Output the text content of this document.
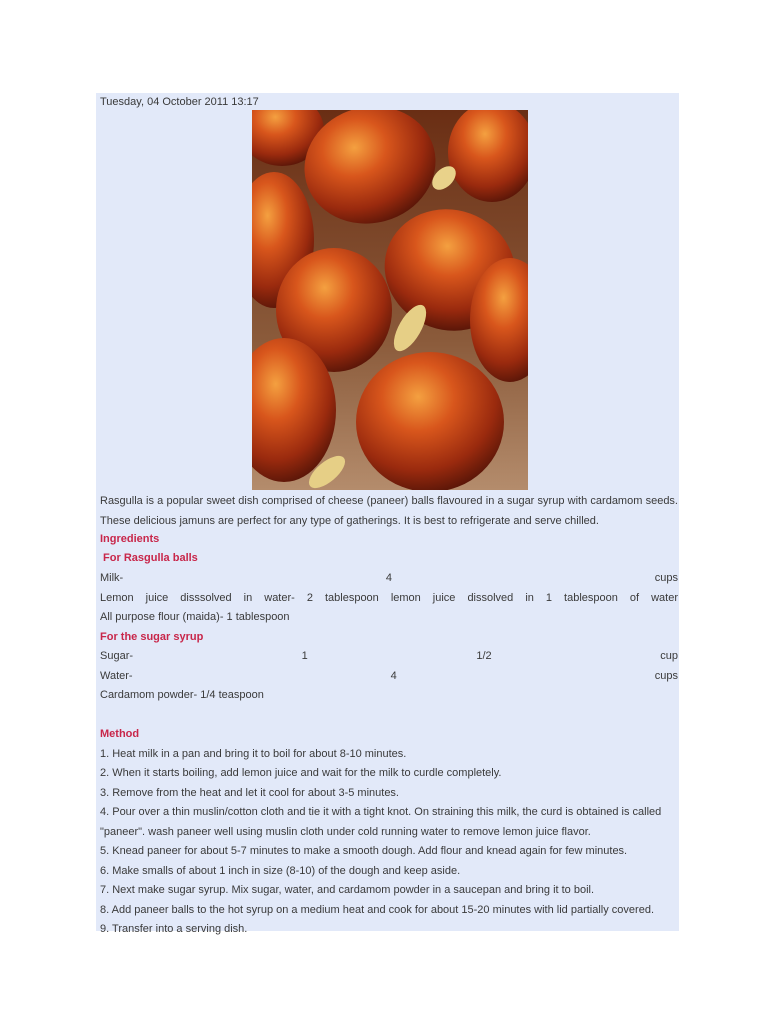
Tuesday, 04 October 2011 13:17

Rasgulla is a popular sweet dish comprised of cheese (paneer) balls flavoured in a sugar syrup with cardamom seeds. These delicious jamuns are perfect for any type of gatherings. It is best to refrigerate and serve chilled.

Ingredients

For Rasgulla balls

Milk-	4	cups
Lemon juice disssolved in water- 2 tablespoon lemon juice dissolved in 1 tablespoon of water

All purpose flour (maida)- 1 tablespoon

For the sugar syrup

Sugar-	1	1/2	cup
Water-	4	cups

Cardamom powder- 1/4 teaspoon

Method

1. Heat milk in a pan and bring it to boil for about 8-10 minutes.
2. When it starts boiling, add lemon juice and wait for the milk to curdle completely.
3. Remove from the heat and let it cool for about 3-5 minutes.
4. Pour over a thin muslin/cotton cloth and tie it with a tight knot. On straining this milk, the curd is obtained is called "paneer". wash paneer well using muslin cloth under cold running water to remove lemon juice flavor.
5. Knead paneer for about 5-7 minutes to make a smooth dough. Add flour and knead again for few minutes.
6. Make smalls of about 1 inch in size (8-10) of the dough and keep aside.
7. Next make sugar syrup. Mix sugar, water, and cardamom powder in a saucepan and bring it to boil.
8. Add paneer balls to the hot syrup on a medium heat and cook for about 15-20 minutes with lid partially covered.
9. Transfer into a serving dish.
